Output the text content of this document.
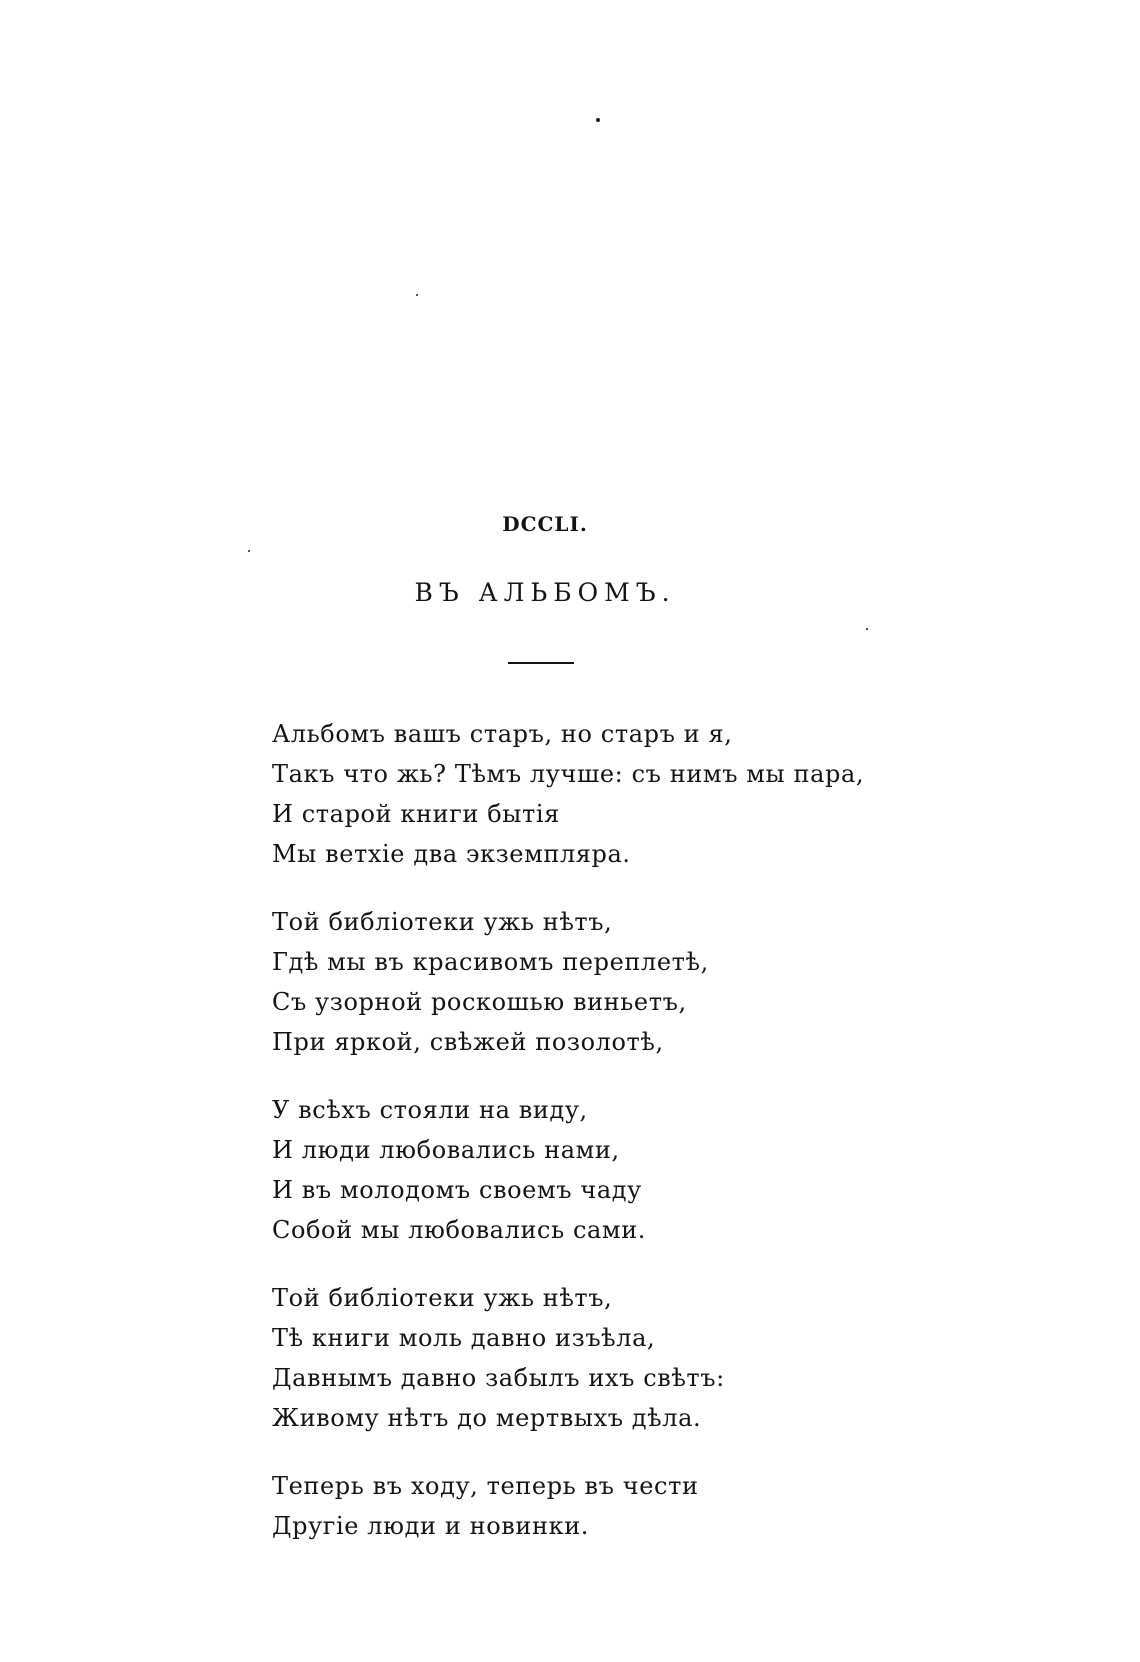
DCCLI.
ВЪ АЛЬБОМЪ.
Альбомъ вашъ старъ, но старъ и я,
Такъ что жь? Тѣмъ лучше: съ нимъ мы пара,
И старой книги бытія
Мы ветхіе два экземпляра.
Той библіотеки ужь нѣтъ,
Гдѣ мы въ красивомъ переплетѣ,
Съ узорной роскошью виньетъ,
При яркой, свѣжей позолотѣ,
У всѣхъ стояли на виду,
И люди любовались нами,
И въ молодомъ своемъ чаду
Собой мы любовались сами.
Той библіотеки ужь нѣтъ,
Тѣ книги моль давно изъѣла,
Давнымъ давно забылъ ихъ свѣтъ:
Живому нѣтъ до мертвыхъ дѣла.
Теперь въ ходу, теперь въ чести
Другіе люди и новинки.
